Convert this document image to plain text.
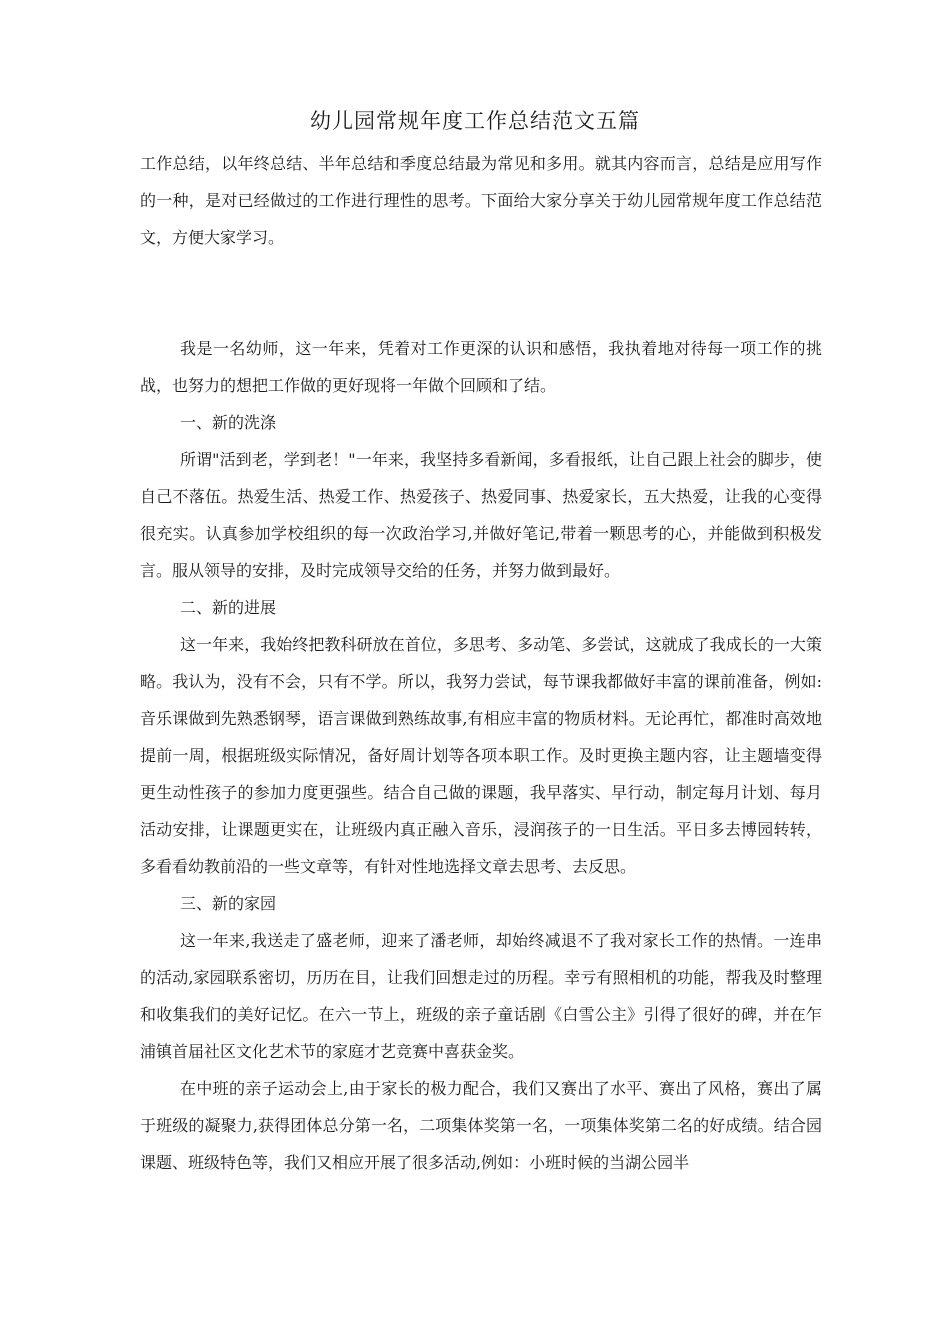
幼儿园常规年度工作总结范文五篇

工作总结，以年终总结、半年总结和季度总结最为常见和多用。就其内容而言，总结是应用写作的一种，是对已经做过的工作进行理性的思考。下面给大家分享关于幼儿园常规年度工作总结范文，方便大家学习。

我是一名幼师，这一年来，凭着对工作更深的认识和感悟，我执着地对待每一项工作的挑战，也努力的想把工作做的更好现将一年做个回顾和了结。

一、新的洗涤

所谓"活到老，学到老！"一年来，我坚持多看新闻，多看报纸，让自己跟上社会的脚步，使自己不落伍。热爱生活、热爱工作、热爱孩子、热爱同事、热爱家长，五大热爱，让我的心变得很充实。认真参加学校组织的每一次政治学习,并做好笔记,带着一颗思考的心，并能做到积极发言。服从领导的安排，及时完成领导交给的任务，并努力做到最好。

二、新的进展

这一年来，我始终把教科研放在首位，多思考、多动笔、多尝试，这就成了我成长的一大策略。我认为，没有不会，只有不学。所以，我努力尝试，每节课我都做好丰富的课前准备，例如:音乐课做到先熟悉钢琴，语言课做到熟练故事,有相应丰富的物质材料。无论再忙，都准时高效地提前一周，根据班级实际情况，备好周计划等各项本职工作。及时更换主题内容，让主题墙变得更生动性孩子的参加力度更强些。结合自己做的课题，我早落实、早行动，制定每月计划、每月活动安排，让课题更实在，让班级内真正融入音乐，浸润孩子的一日生活。平日多去博园转转，多看看幼教前沿的一些文章等，有针对性地选择文章去思考、去反思。

三、新的家园

这一年来,我送走了盛老师，迎来了潘老师，却始终减退不了我对家长工作的热情。一连串的活动,家园联系密切，历历在目，让我们回想走过的历程。幸亏有照相机的功能，帮我及时整理和收集我们的美好记忆。在六一节上，班级的亲子童话剧《白雪公主》引得了很好的碑，并在乍浦镇首届社区文化艺术节的家庭才艺竞赛中喜获金奖。

在中班的亲子运动会上,由于家长的极力配合，我们又赛出了水平、赛出了风格，赛出了属于班级的凝聚力,获得团体总分第一名，二项集体奖第一名，一项集体奖第二名的好成绩。结合园课题、班级特色等，我们又相应开展了很多活动,例如：小班时候的当湖公园半
